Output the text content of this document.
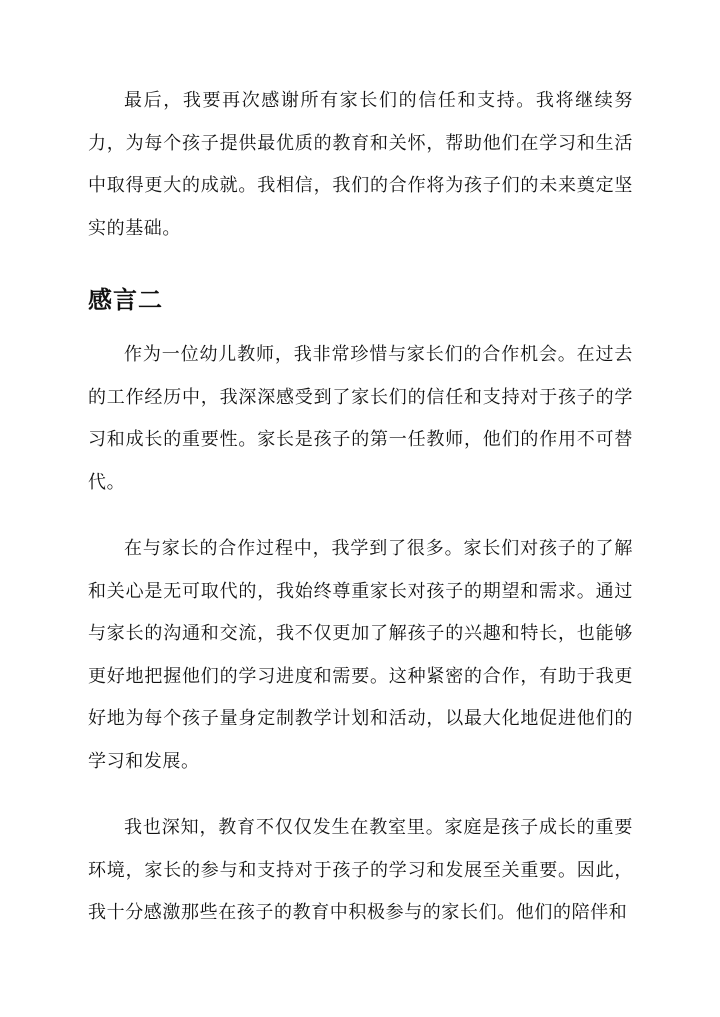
最后，我要再次感谢所有家长们的信任和支持。我将继续努力，为每个孩子提供最优质的教育和关怀，帮助他们在学习和生活中取得更大的成就。我相信，我们的合作将为孩子们的未来奠定坚实的基础。

感言二

作为一位幼儿教师，我非常珍惜与家长们的合作机会。在过去的工作经历中，我深深感受到了家长们的信任和支持对于孩子的学习和成长的重要性。家长是孩子的第一任教师，他们的作用不可替代。

在与家长的合作过程中，我学到了很多。家长们对孩子的了解和关心是无可取代的，我始终尊重家长对孩子的期望和需求。通过与家长的沟通和交流，我不仅更加了解孩子的兴趣和特长，也能够更好地把握他们的学习进度和需要。这种紧密的合作，有助于我更好地为每个孩子量身定制教学计划和活动，以最大化地促进他们的学习和发展。

我也深知，教育不仅仅发生在教室里。家庭是孩子成长的重要环境，家长的参与和支持对于孩子的学习和发展至关重要。因此，我十分感激那些在孩子的教育中积极参与的家长们。他们的陪伴和
